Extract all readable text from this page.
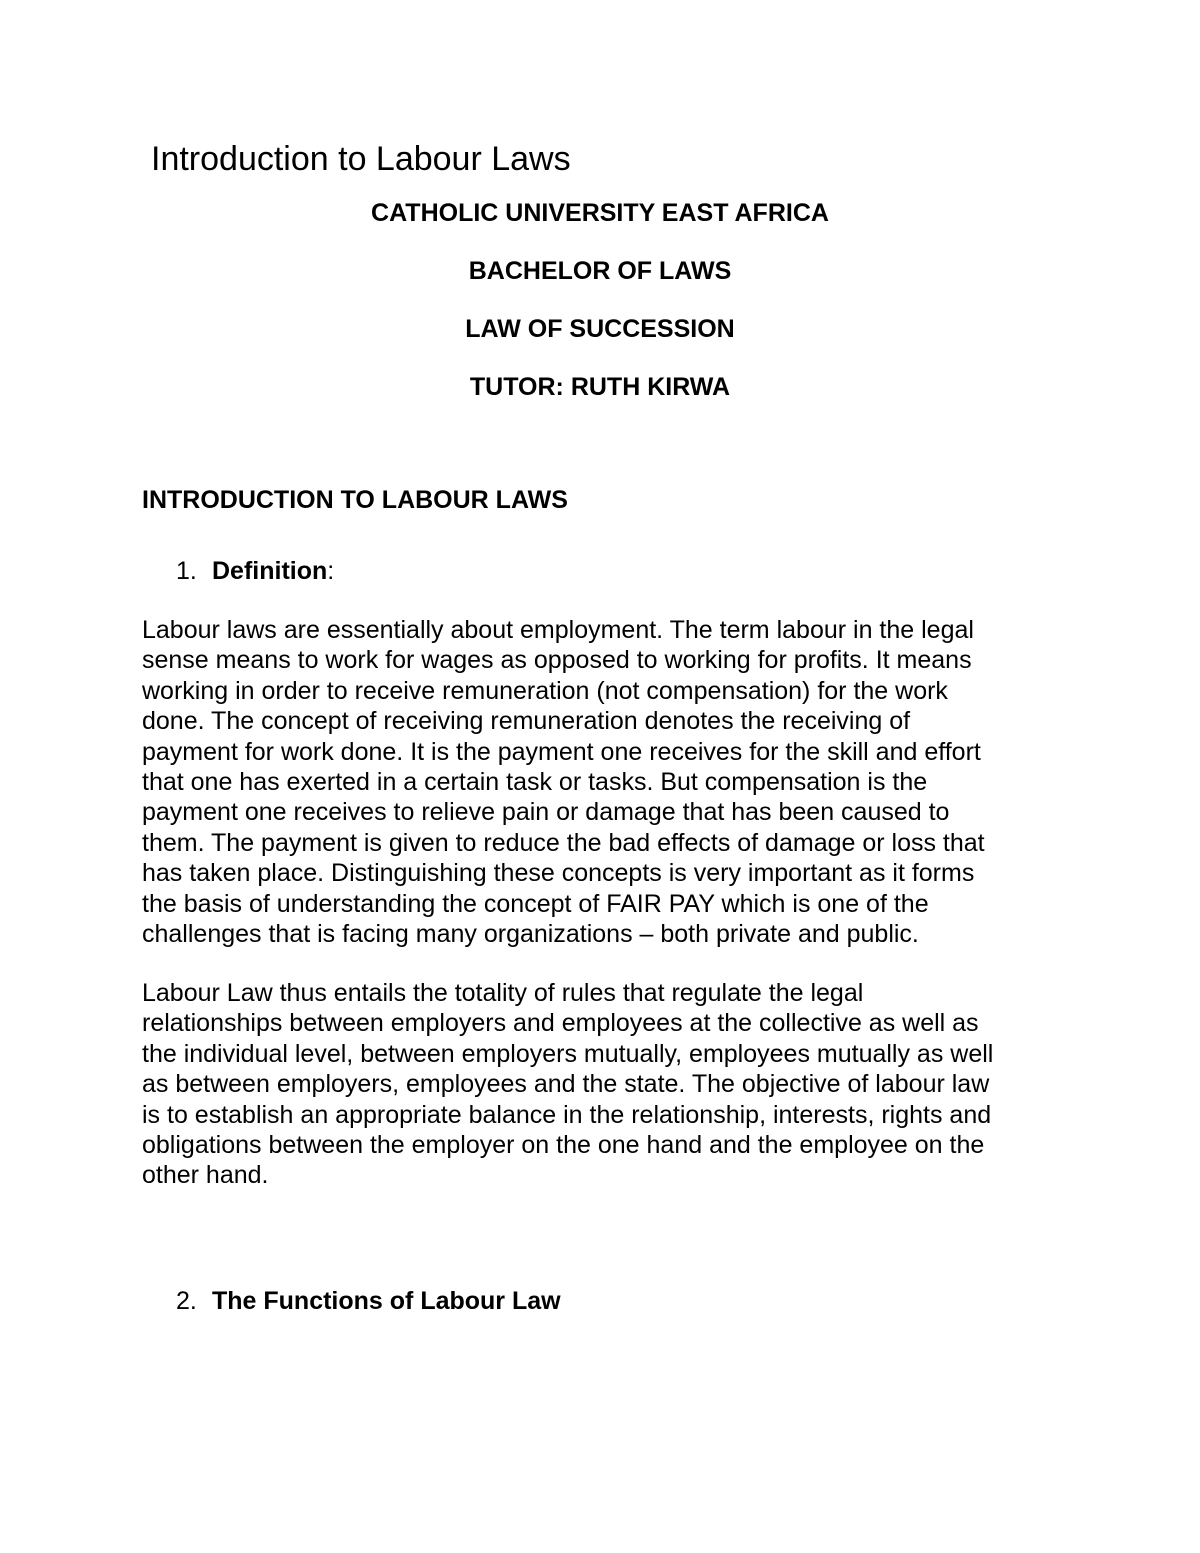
Introduction to Labour Laws
CATHOLIC UNIVERSITY EAST AFRICA
BACHELOR OF LAWS
LAW OF SUCCESSION
TUTOR: RUTH KIRWA
INTRODUCTION TO LABOUR LAWS
1. Definition:
Labour laws are essentially about employment. The term labour in the legal
sense means to work for wages as opposed to working for profits. It means
working in order to receive remuneration (not compensation) for the work
done. The concept of receiving remuneration denotes the receiving of
payment for work done. It is the payment one receives for the skill and effort
that one has exerted in a certain task or tasks. But compensation is the
payment one receives to relieve pain or damage that has been caused to
them. The payment is given to reduce the bad effects of damage or loss that
has taken place. Distinguishing these concepts is very important as it forms
the basis of understanding the concept of FAIR PAY which is one of the
challenges that is facing many organizations – both private and public.
Labour Law thus entails the totality of rules that regulate the legal
relationships between employers and employees at the collective as well as
the individual level, between employers mutually, employees mutually as well
as between employers, employees and the state. The objective of labour law
is to establish an appropriate balance in the relationship, interests, rights and
obligations between the employer on the one hand and the employee on the
other hand.
2. The Functions of Labour Law
